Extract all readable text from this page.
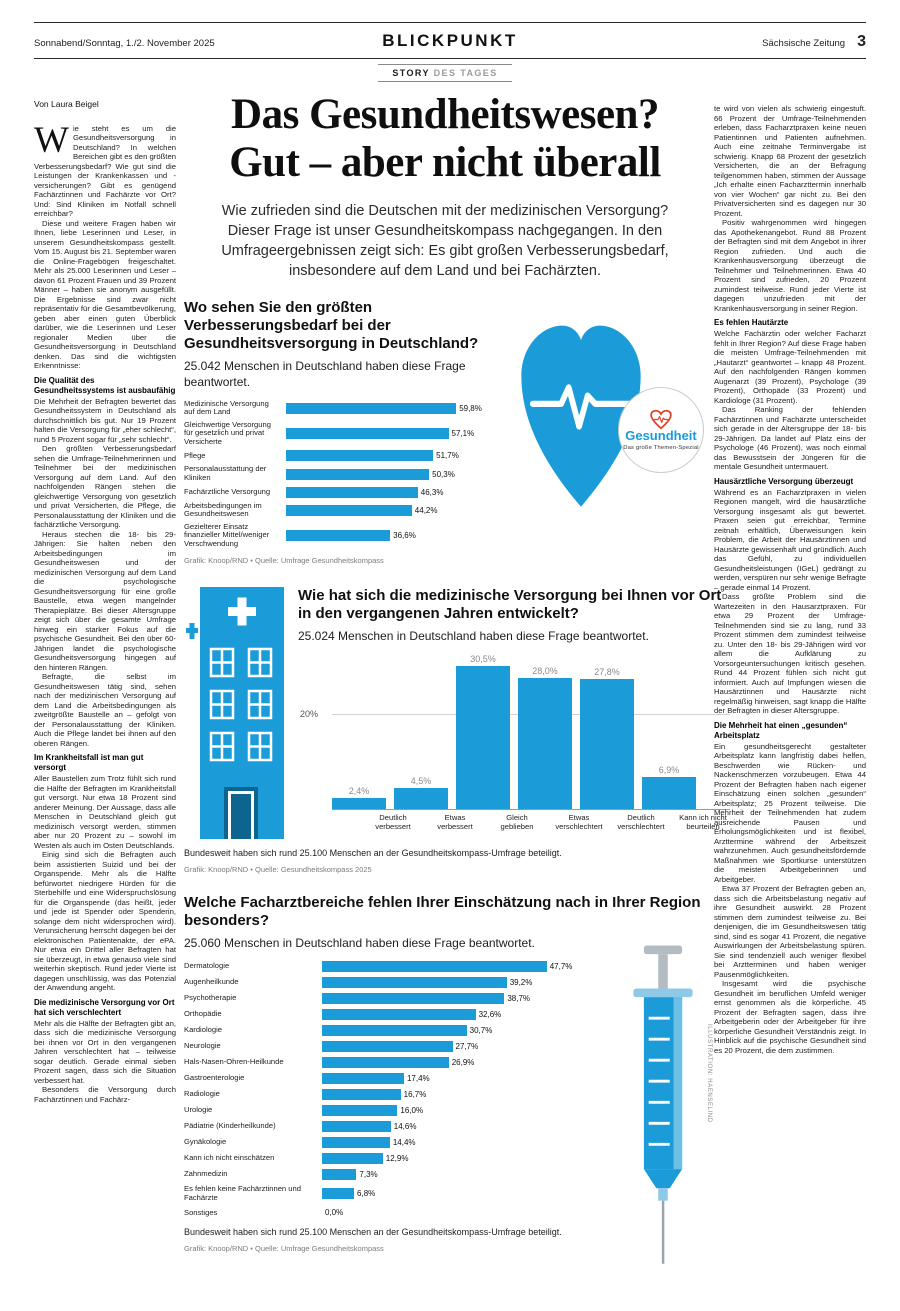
Sonnabend/Sonntag, 1./2. November 2025	BLICKPUNKT	Sächsische Zeitung 3
Von Laura Beigel

Wie steht es um die Gesundheitsversorgung in Deutschland? In welchen Bereichen gibt es den größten Verbesserungsbedarf? Wie gut sind die Leistungen der Krankenkassen und -versicherungen? Gibt es genügend Fachärztinnen und Fachärzte vor Ort? Und: Sind Kliniken im Notfall schnell erreichbar?

Diese und weitere Fragen haben wir Ihnen, liebe Leserinnen und Leser, in unserem Gesundheitskompass gestellt. Vom 15. August bis 21. September waren die Online-Fragebögen freigeschaltet. Mehr als 25.000 Leserinnen und Leser – davon 61 Prozent Frauen und 39 Prozent Männer – haben sie anonym ausgefüllt. Die Ergebnisse sind zwar nicht repräsentativ für die Gesamtbevölkerung, geben aber einen guten Überblick darüber, wie die Leserinnen und Leser regionaler Medien über die Gesundheitsversorgung in Deutschland denken. Das sind die wichtigsten Erkenntnisse:

Die Qualität des Gesundheitssystems ist ausbaufähig

Die Mehrheit der Befragten bewertet das Gesundheitssystem in Deutschland als durchschnittlich bis gut. Nur 19 Prozent halten die Versorgung für „eher schlecht“, rund 5 Prozent sogar für „sehr schlecht“.

Den größten Verbesserungsbedarf sehen die Umfrage-Teilnehmerinnen und Teilnehmer bei der medizinischen Versorgung auf dem Land. Auf den nachfolgenden Rängen stehen die gleichwertige Versorgung von gesetzlich und privat Versicherten, die Pflege, die Personalausstattung der Kliniken und die fachärztliche Versorgung.

Heraus stechen die 18- bis 29-Jährigen: Sie halten neben den Arbeitsbedingungen im Gesundheitswesen und der medizinischen Versorgung auf dem Land die psychologische Gesundheitsversorgung für eine große Baustelle, etwa wegen mangelnder Therapieplätze. Bei dieser Altersgruppe zeigt sich über die gesamte Umfrage hinweg ein starker Fokus auf die psychische Gesundheit. Bei den über 60-Jährigen landet die psychologische Gesundheitsversorgung hingegen auf den hinteren Rängen.

Befragte, die selbst im Gesundheitswesen tätig sind, sehen nach der medizinischen Versorgung auf dem Land die Arbeitsbedingungen als zweitgrößte Baustelle an – gefolgt von der Personalausstattung der Kliniken. Auch die Pflege landet bei ihnen auf den oberen Rängen.

Im Krankheitsfall ist man gut versorgt

Aller Baustellen zum Trotz fühlt sich rund die Hälfte der Befragten im Krankheitsfall gut versorgt. Nur etwa 18 Prozent sind anderer Meinung. Der Aussage, dass alle Menschen in Deutschland gleich gut medizinisch versorgt werden, stimmen aber nur 20 Prozent zu – sowohl im Westen als auch im Osten Deutschlands.

Einig sind sich die Befragten auch beim assistierten Suizid und bei der Organspende. Mehr als die Hälfte befürwortet niedrigere Hürden für die Sterbehilfe und eine Widerspruchslösung für die Organspende (das heißt, jeder und jede ist Spender oder Spenderin, solange dem nicht widersprochen wird). Verunsicherung herrscht dagegen bei der elektronischen Patientenakte, der ePA. Nur etwa ein Drittel aller Befragten hat sie überzeugt, in etwa genauso viele sind weiterhin skeptisch. Rund jeder Vierte ist dagegen unschlüssig, was das Potenzial der Anwendung angeht.

Die medizinische Versorgung vor Ort hat sich verschlechtert

Mehr als die Hälfte der Befragten gibt an, dass sich die medizinische Versorgung bei ihnen vor Ort in den vergangenen Jahren verschlechtert hat – teilweise sogar deutlich. Gerade einmal sieben Prozent sagen, dass sich die Situation verbessert hat.

Besonders die Versorgung durch Fachärztinnen und Fachärz-

STORY DES TAGES
Das Gesundheitswesen?
Gut – aber nicht überall

Wie zufrieden sind die Deutschen mit der medizinischen Versorgung? Dieser Frage ist unser Gesundheitskompass nachgegangen. In den Umfrageergebnissen zeigt sich: Es gibt großen Verbesserungsbedarf, insbesondere auf dem Land und bei Fachärzten.

Wo sehen Sie den größten Verbesserungsbedarf bei der Gesundheitsversorgung in Deutschland?

25.042 Menschen in Deutschland haben diese Frage beantwortet.

Medizinische Versorgung auf dem Land	59,8%
Gleichwertige Versorgung für gesetzlich und privat Versicherte
57,1%
Pflege	51,7%
Personalausstattung der Kliniken	50,3%
Fachärztliche Versorgung	46,3%
Arbeitsbedingungen im Gesundheitswesen	44,2%
Gezielterer Einsatz finanzieller Mittel/weniger Verschwendung
36,6%

Grafik: Knoop/RND • Quelle: Umfrage Gesundheitskompass

Gesundheit
Das große Themen-Spezial
Wie hat sich die medizinische Versorgung bei Ihnen vor Ort in den vergangenen Jahren entwickelt?

25.024 Menschen in Deutschland haben diese Frage beantwortet.

20%
2,4%
4,5%
30,5%
28,0%	27,8%
6,9%
Deutlich verbessert
Etwas verbessert
Gleich geblieben
Etwas verschlechtert
Deutlich verschlechtert
Kann ich nicht beurteilen

Bundesweit haben sich rund 25.100 Menschen an der Gesundheitskompass-Umfrage beteiligt.

Grafik: Knoop/RND • Quelle: Gesundheitskompass 2025

Welche Facharztbereiche fehlen Ihrer Einschätzung nach in Ihrer Region besonders?

25.060 Menschen in Deutschland haben diese Frage beantwortet.

Dermatologie	47,7%
Augenheilkunde	39,2%
Psychotherapie	38,7%
Orthopädie	32,6%
Kardiologie	30,7%
Neurologie	27,7%
Hals-Nasen-Ohren-Heilkunde	26,9%
Gastroenterologie	17,4%
Radiologie	16,7%
Urologie	16,0%
Pädiatrie (Kinderheilkunde)	14,6%
Gynäkologie	14,4%
Kann ich nicht einschätzen	12,9%
Zahnmedizin	7,3%
Es fehlen keine Fachärztinnen und Fachärzte	6,8%
Sonstiges	0,0%
ILLUSTRATION: HAENSELIND

Bundesweit haben sich rund 25.100 Menschen an der Gesundheitskompass-Umfrage beteiligt.

Grafik: Knoop/RND • Quelle: Umfrage Gesundheitskompass

te wird von vielen als schwierig eingestuft. 66 Prozent der Umfrage-Teilnehmenden erleben, dass Facharztpraxen keine neuen Patientinnen und Patienten aufnehmen. Auch eine zeitnahe Terminvergabe ist schwierig. Knapp 68 Prozent der gesetzlich Versicherten, die an der Befragung teilgenommen haben, stimmen der Aussage „Ich erhalte einen Facharzttermin innerhalb von vier Wochen“ gar nicht zu. Bei den Privatversicherten sind es dagegen nur 30 Prozent.

Positiv wahrgenommen wird hingegen das Apothekenangebot. Rund 88 Prozent der Befragten sind mit dem Angebot in ihrer Region zufrieden. Und auch die Krankenhausversorgung überzeugt die Teilnehmer und Teilnehmerinnen. Etwa 40 Prozent sind zufrieden, 20 Prozent zumindest teilweise. Rund jeder Vierte ist dagegen unzufrieden mit der Krankenhausversorgung in seiner Region.

Es fehlen Hautärzte

Welche Fachärztin oder welcher Facharzt fehlt in Ihrer Region? Auf diese Frage haben die meisten Umfrage-Teilnehmenden mit „Hautarzt“ geantwortet – knapp 48 Prozent. Auf den nachfolgenden Rängen kommen Augenarzt (39 Prozent), Psychologe (39 Prozent), Orthopäde (33 Prozent) und Kardiologe (31 Prozent).

Das Ranking der fehlenden Fachärztinnen und Fachärzte unterscheidet sich gerade in der Altersgruppe der 18- bis 29-Jährigen. Da landet auf Platz eins der Psychologe (46 Prozent), was noch einmal das Bewusstsein der Jüngeren für die mentale Gesundheit untermauert.

Hausärztliche Versorgung überzeugt

Während es an Facharztpraxen in vielen Regionen mangelt, wird die hausärztliche Versorgung insgesamt als gut bewertet. Praxen seien gut erreichbar, Termine zeitnah erhältlich, Überweisungen kein Problem, die Arbeit der Hausärztinnen und Hausärzte gewissenhaft und gründlich. Auch das Gefühl, zu individuellen Gesundheitsleistungen (IGeL) gedrängt zu werden, verspüren nur sehr wenige Befragte – gerade einmal 14 Prozent.

Dass größte Problem sind die Wartezeiten in den Hausarztpraxen. Für etwa 29 Prozent der Umfrage-Teilnehmenden sind sie zu lang, rund 33 Prozent stimmen dem zumindest teilweise zu. Unter den 18- bis 29-Jährigen wird vor allem die Aufklärung zu Vorsorgeuntersuchungen kritisch gesehen. Rund 44 Prozent fühlen sich nicht gut informiert. Auch auf Impfungen wiesen die Hausärztinnen und Hausärzte nicht regelmäßig hinweisen, sagt knapp die Hälfte der Befragten in dieser Altersgruppe.

Die Mehrheit hat einen „gesunden“ Arbeitsplatz

Ein gesundheitsgerecht gestalteter Arbeitsplatz kann langfristig dabei helfen, Beschwerden wie Rücken- und Nackenschmerzen vorzubeugen. Etwa 44 Prozent der Befragten haben nach eigener Einschätzung einen solchen „gesunden“ Arbeitsplatz; 25 Prozent teilweise. Die Mehrheit der Teilnehmenden hat zudem ausreichende Pausen und Erholungsmöglichkeiten und ist flexibel, Arzttermine während der Arbeitszeit wahrzunehmen. Auch gesundheitsfördernde Maßnahmen wie Sportkurse unterstützen die meisten Arbeitgeberinnen und Arbeitgeber.

Etwa 37 Prozent der Befragten geben an, dass sich die Arbeitsbelastung negativ auf ihre Gesundheit auswirkt. 28 Prozent stimmen dem zumindest teilweise zu. Bei denjenigen, die im Gesundheitswesen tätig sind, sind es sogar 41 Prozent, die negative Auswirkungen der Arbeitsbelastung spüren. Sie sind tendenziell auch weniger flexibel bei Arztterminen und haben weniger Pausenmöglichkeiten.

Insgesamt wird die psychische Gesundheit im beruflichen Umfeld weniger ernst genommen als die körperliche. 45 Prozent der Befragten sagen, dass ihre Arbeitgeberin oder der Arbeitgeber für ihre körperliche Gesundheit Verständnis zeigt. In Hinblick auf die psychische Gesundheit sind es 20 Prozent, die dem zustimmen.
